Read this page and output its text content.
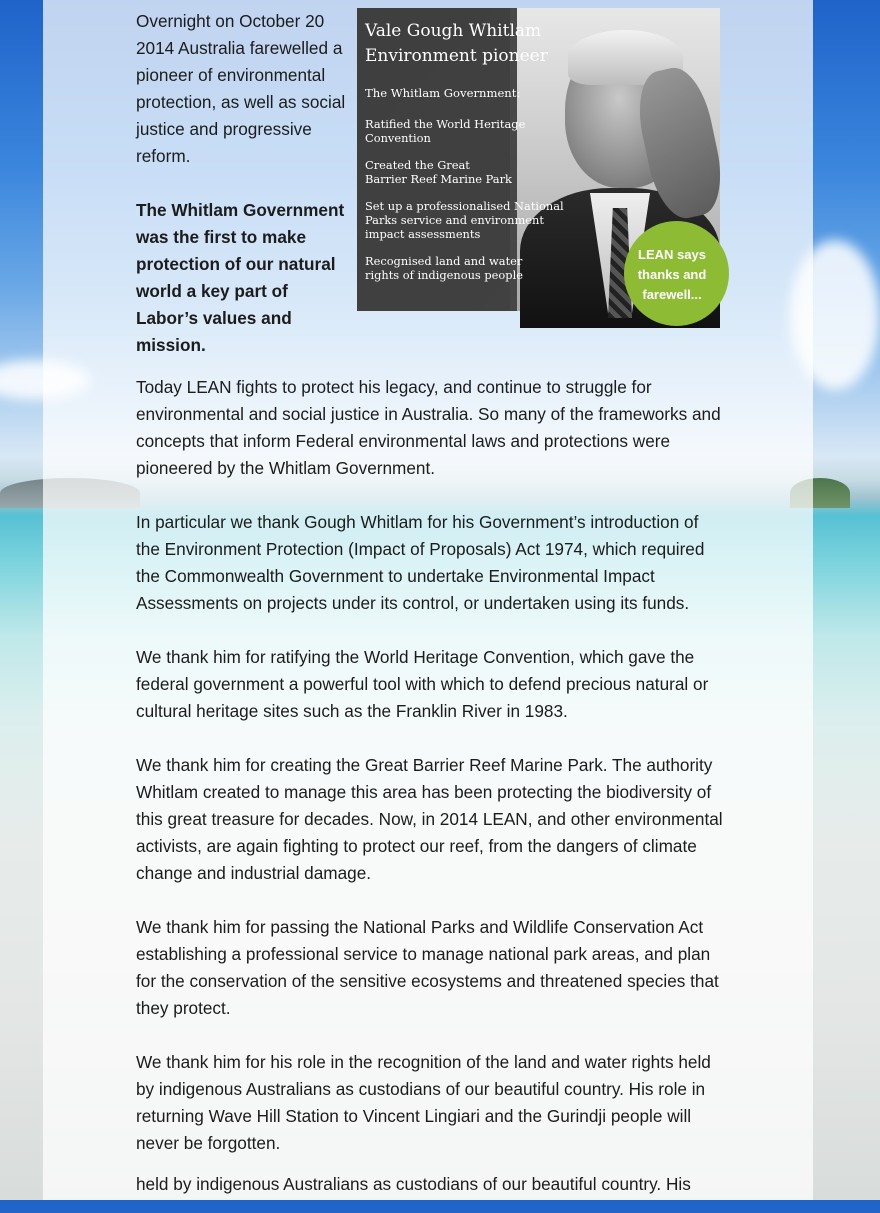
Overnight on October 20 2014 Australia farewelled a pioneer of environmental protection, as well as social justice and progressive reform.

The Whitlam Government was the first to make protection of our natural world a key part of Labor’s values and mission.

Vale Gough Whitlam
Environment pioneer
The Whitlam Government:
Ratified the World Heritage Convention
Created the Great Barrier Reef Marine Park
Set up a professionalised National Parks service and environment impact assessments
Recognised land and water rights of indigenous people
LEAN says
thanks and
farewell...

Today LEAN fights to protect his legacy, and continue to struggle for environmental and social justice in Australia. So many of the frameworks and concepts that inform Federal environmental laws and protections were pioneered by the Whitlam Government.

In particular we thank Gough Whitlam for his Government’s introduction of the Environment Protection (Impact of Proposals) Act 1974, which required the Commonwealth Government to undertake Environmental Impact Assessments on projects under its control, or undertaken using its funds.

We thank him for ratifying the World Heritage Convention, which gave the federal government a powerful tool with which to defend precious natural or cultural heritage sites such as the Franklin River in 1983.

We thank him for creating the Great Barrier Reef Marine Park. The authority Whitlam created to manage this area has been protecting the biodiversity of this great treasure for decades. Now, in 2014 LEAN, and other environmental activists, are again fighting to protect our reef, from the dangers of climate change and industrial damage.

We thank him for passing the National Parks and Wildlife Conservation Act establishing a professional service to manage national park areas, and plan for the conservation of the sensitive ecosystems and threatened species that they protect.

We thank him for his role in the recognition of the land and water rights held by indigenous Australians as custodians of our beautiful country. His role in returning Wave Hill Station to Vincent Lingiari and the Gurindji people will never be forgotten.

held by indigenous Australians as custodians of our beautiful country. His
